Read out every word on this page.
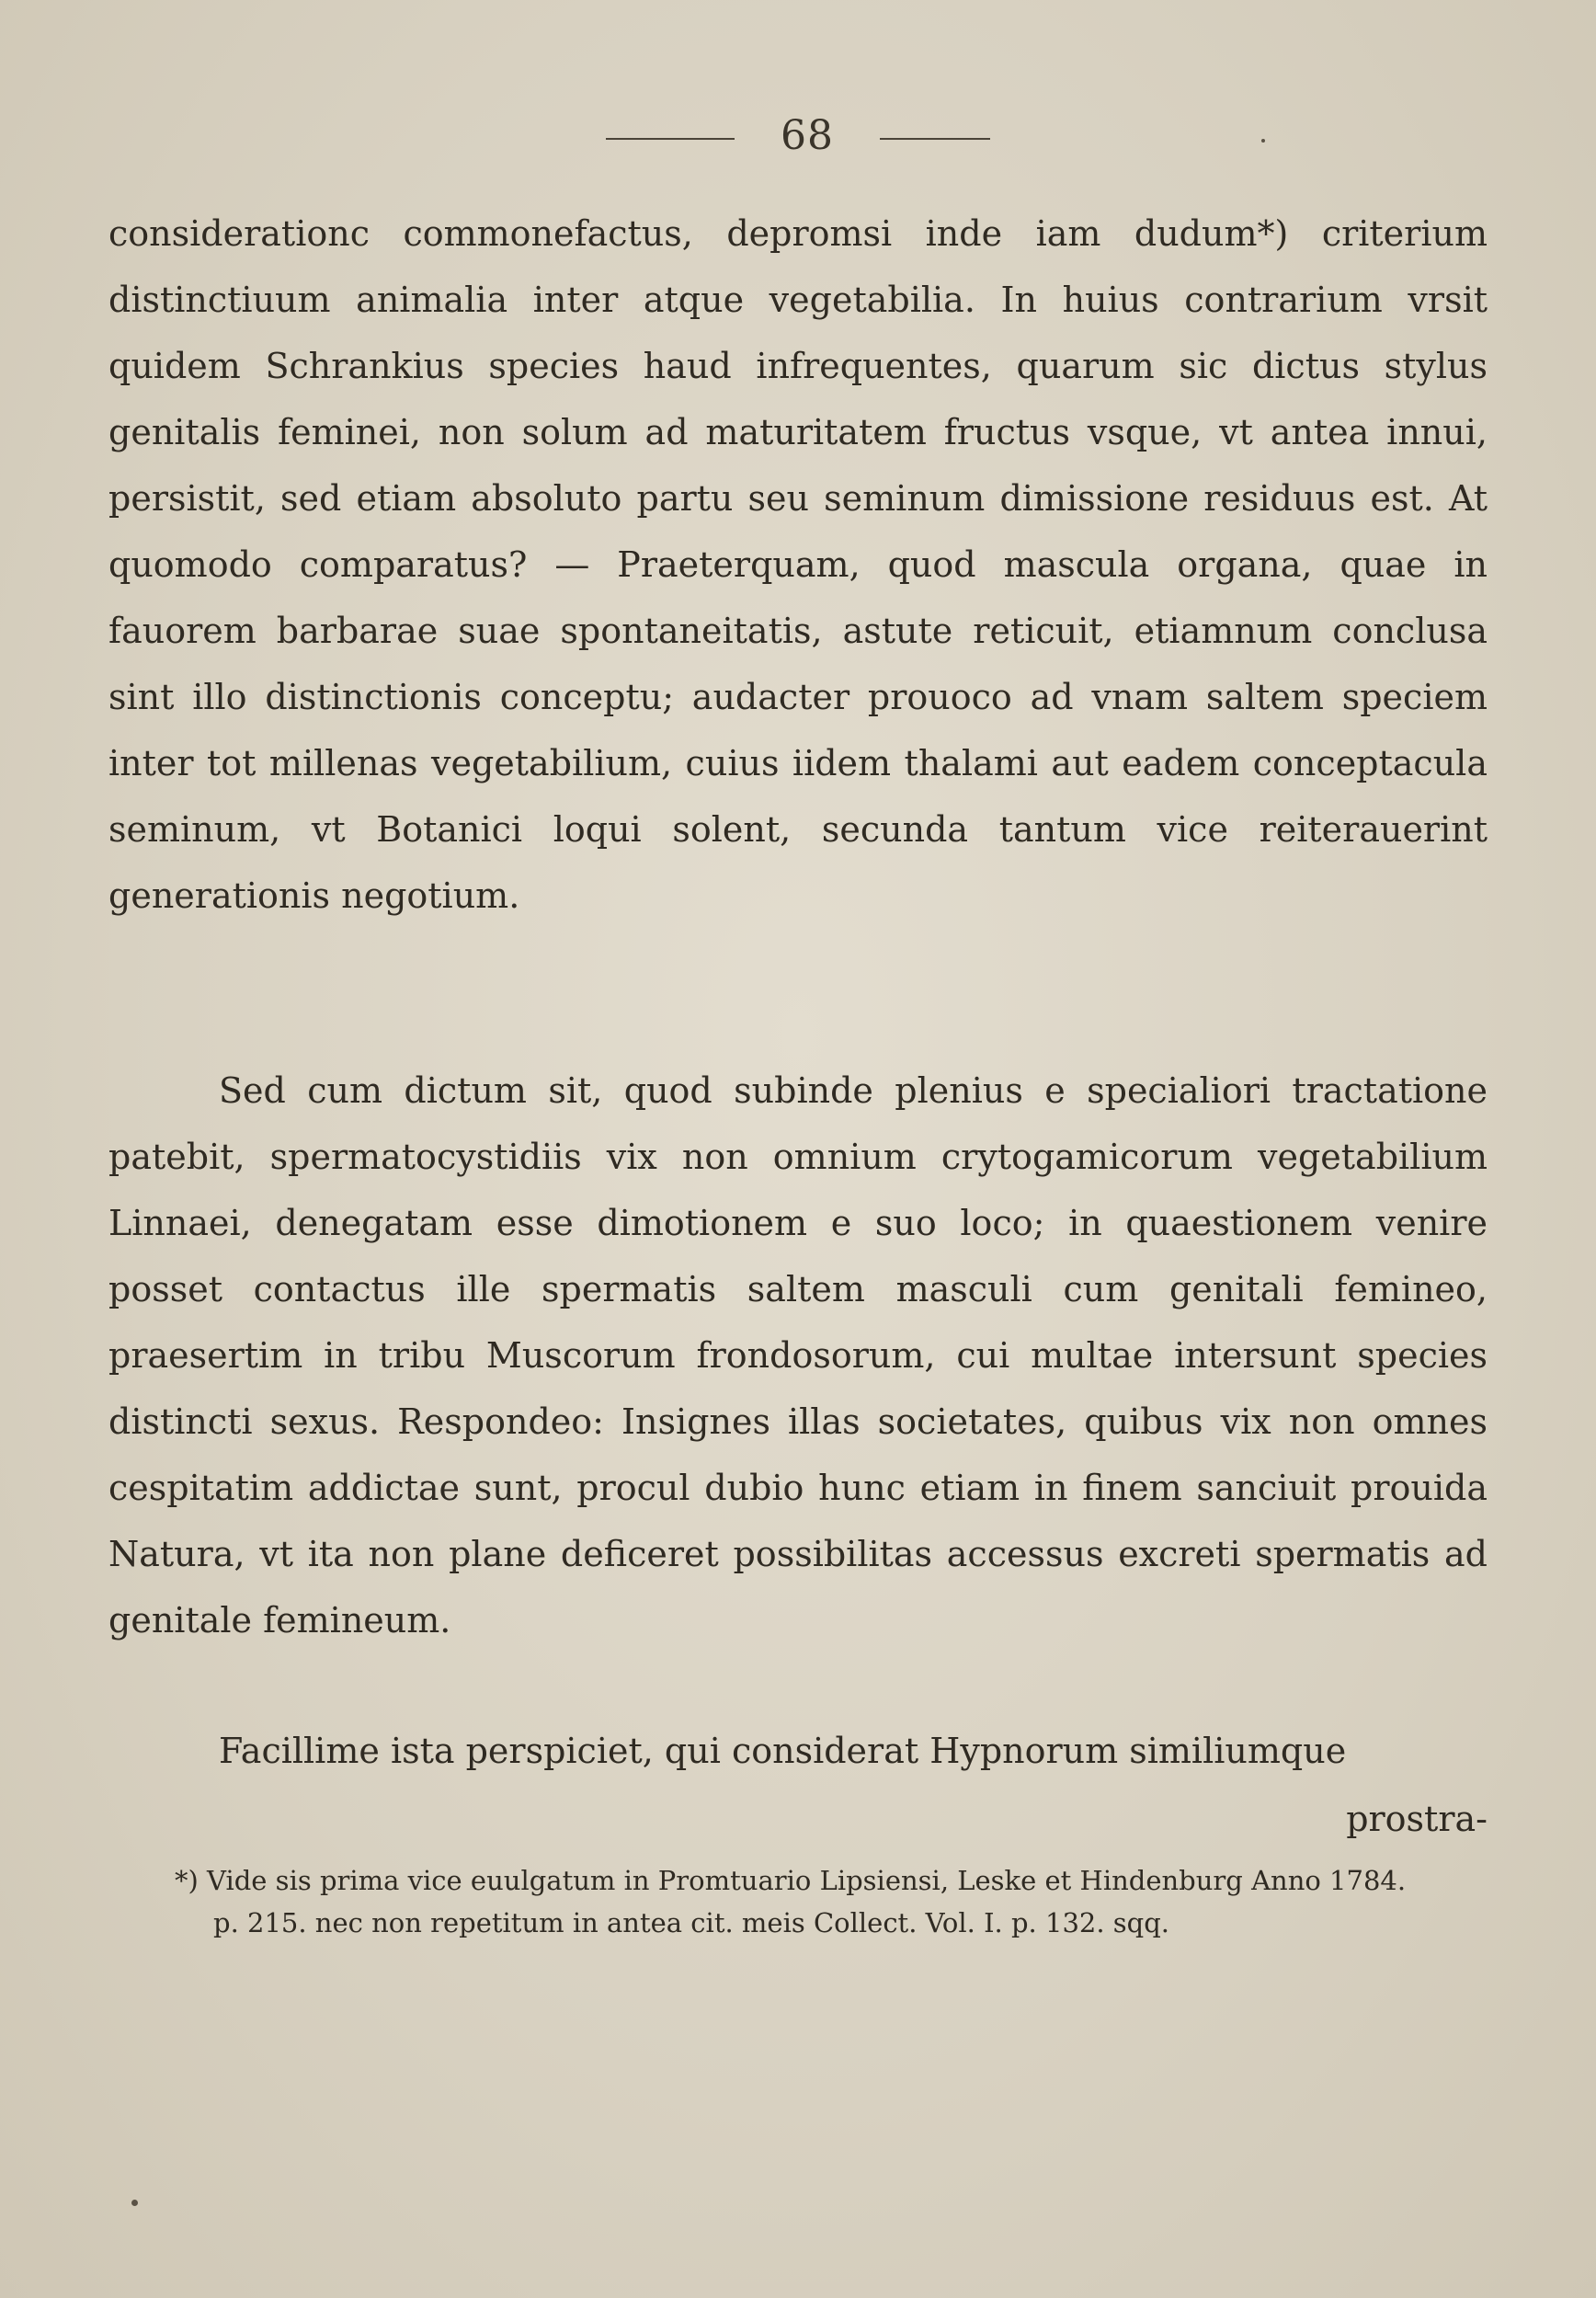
68

considerationc commonefactus, depromsi inde iam dudum*) criterium distinctiuum animalia inter atque vegetabilia. In huius contrarium vrsit quidem Schrankius species haud infrequentes, quarum sic dictus stylus genitalis feminei, non solum ad maturitatem fructus vsque, vt antea innui, persistit, sed etiam absoluto partu seu seminum dimissione residuus est. At quomodo comparatus? — Praeterquam, quod mascula organa, quae in fauorem barbarae suae spontaneitatis, astute reticuit, etiamnum conclusa sint illo distinctionis conceptu; audacter prouoco ad vnam saltem speciem inter tot millenas vegetabilium, cuius iidem thalami aut eadem conceptacula seminum, vt Botanici loqui solent, secunda tantum vice reiterauerint generationis negotium.

Sed cum dictum sit, quod subinde plenius e specialiori tractatione patebit, spermatocystidiis vix non omnium crytogamicorum vegetabilium Linnaei, denegatam esse dimotionem e suo loco; in quaestionem venire posset contactus ille spermatis saltem masculi cum genitali femineo, praesertim in tribu Muscorum frondosorum, cui multae intersunt species distincti sexus. Respondeo: Insignes illas societates, quibus vix non omnes cespitatim addictae sunt, procul dubio hunc etiam in finem sanciuit prouida Natura, vt ita non plane deficeret possibilitas accessus excreti spermatis ad genitale femineum.

Facillime ista perspiciet, qui considerat Hypnorum similiumque

prostra-
*) Vide sis prima vice euulgatum in Promtuario Lipsiensi, Leske et Hindenburg Anno 1784.
p. 215. nec non repetitum in antea cit. meis Collect. Vol. I. p. 132. sqq.
